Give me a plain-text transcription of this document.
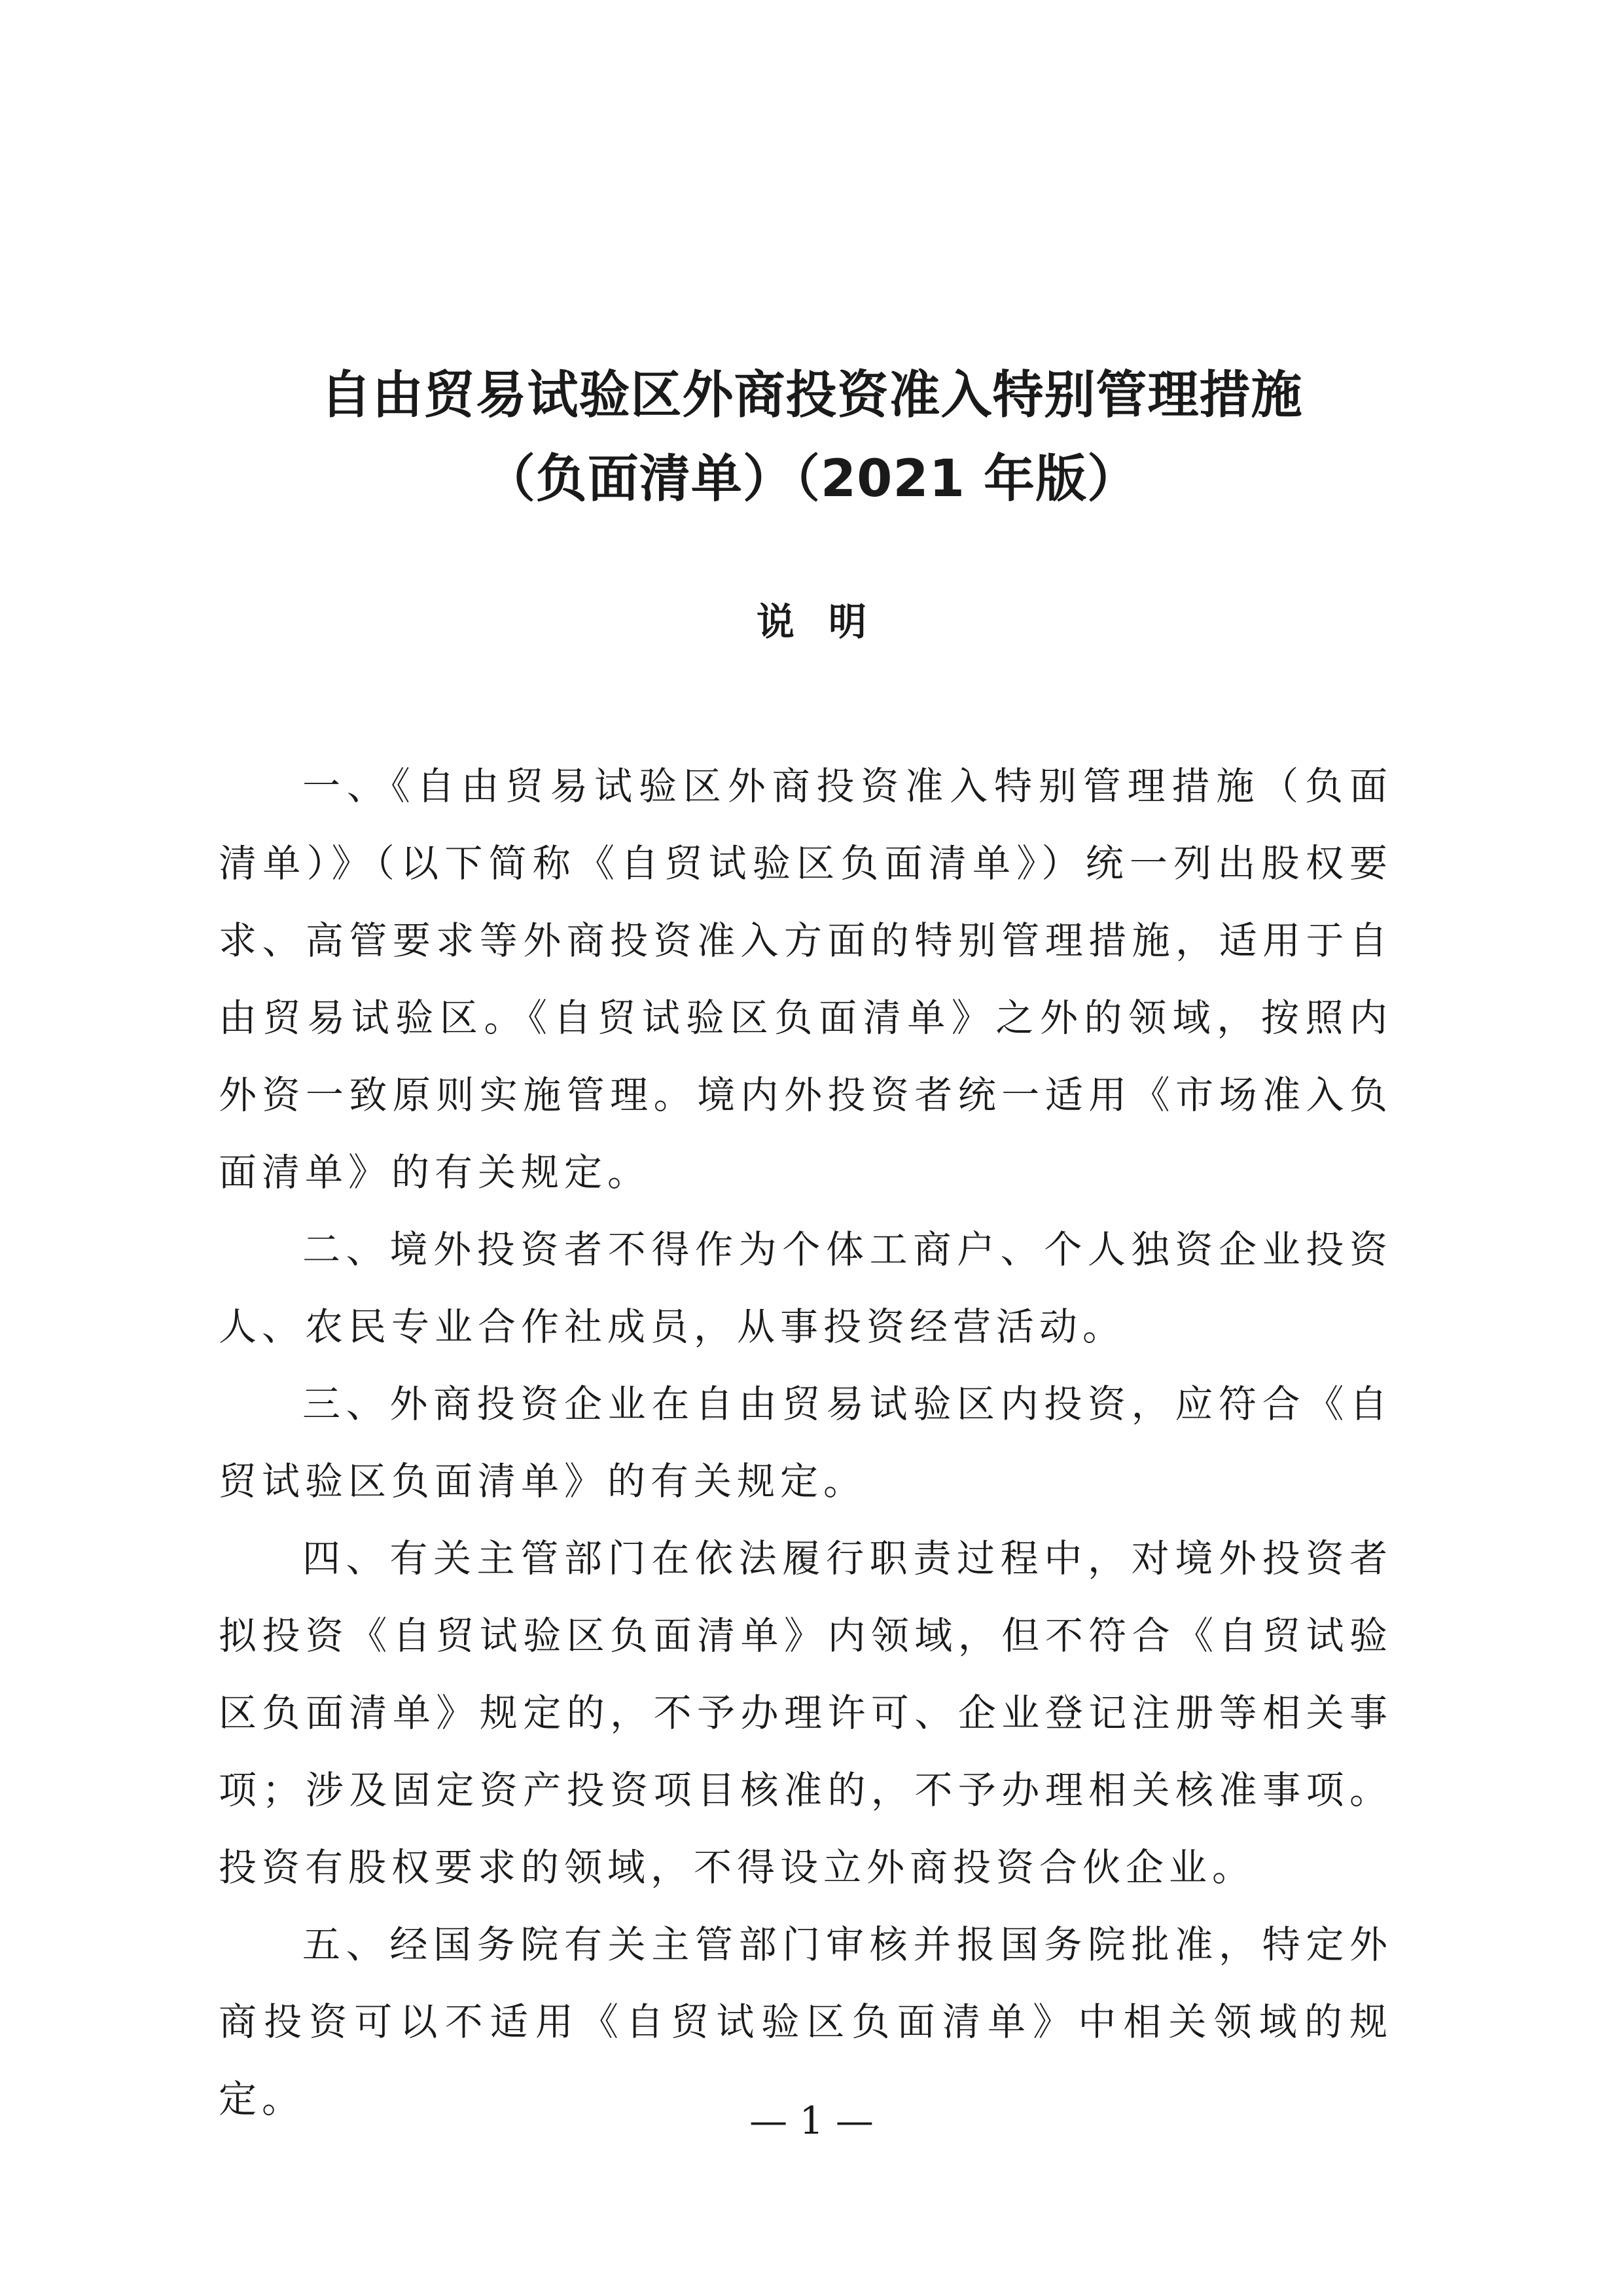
自由贸易试验区外商投资准入特别管理措施
（负面清单）（2021 年版）
说明

一、《自由贸易试验区外商投资准入特别管理措施（负面清单）》（以下简称《自贸试验区负面清单》）统一列出股权要求、高管要求等外商投资准入方面的特别管理措施，适用于自由贸易试验区。《自贸试验区负面清单》之外的领域，按照内外资一致原则实施管理。境内外投资者统一适用《市场准入负面清单》的有关规定。

二、境外投资者不得作为个体工商户、个人独资企业投资人、农民专业合作社成员，从事投资经营活动。

三、外商投资企业在自由贸易试验区内投资，应符合《自贸试验区负面清单》的有关规定。

四、有关主管部门在依法履行职责过程中，对境外投资者拟投资《自贸试验区负面清单》内领域，但不符合《自贸试验区负面清单》规定的，不予办理许可、企业登记注册等相关事项；涉及固定资产投资项目核准的，不予办理相关核准事项。投资有股权要求的领域，不得设立外商投资合伙企业。

五、经国务院有关主管部门审核并报国务院批准，特定外商投资可以不适用《自贸试验区负面清单》中相关领域的规定。	— 1 —
